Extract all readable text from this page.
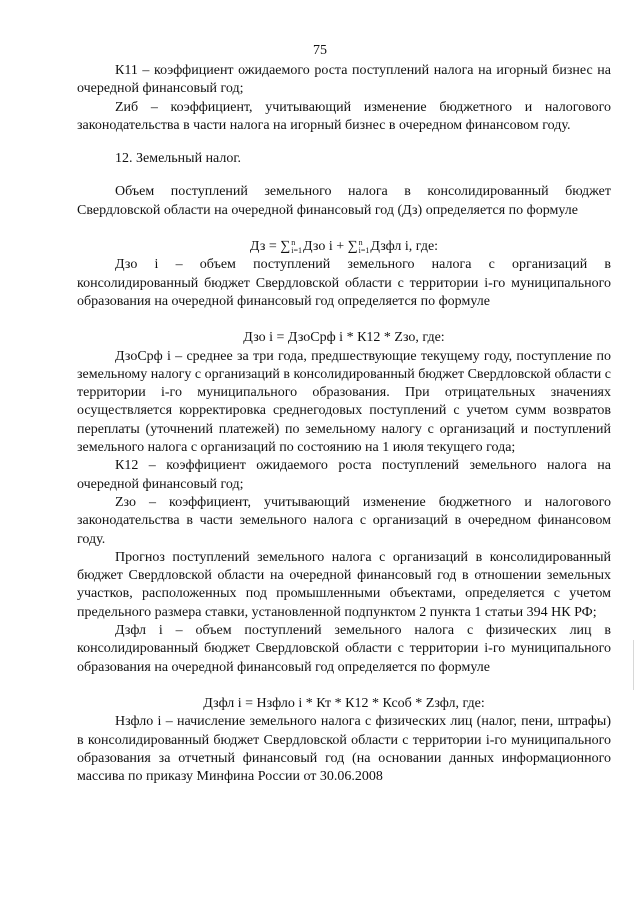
75

К11 – коэффициент ожидаемого роста поступлений налога на игорный бизнес на очередной финансовый год;

Zиб – коэффициент, учитывающий изменение бюджетного и налогового законодательства в части налога на игорный бизнес в очередном финансовом году.

12. Земельный налог.

Объем поступлений земельного налога в консолидированный бюджет Свердловской области на очередной финансовый год (Дз) определяется по формуле

Дз = ∑ n
i=1 Дзо i + ∑ n
i=1 Дзфл i, где:

Дзо i – объем поступлений земельного налога с организаций в консолидированный бюджет Свердловской области с территории i-го муниципального образования на очередной финансовый год определяется по формуле

Дзо i = ДзоСрф i * К12 * Zзо, где:

ДзоСрф i – среднее за три года, предшествующие текущему году, поступление по земельному налогу с организаций в консолидированный бюджет Свердловской области с территории i-го муниципального образования. При отрицательных значениях осуществляется корректировка среднегодовых поступлений с учетом сумм возвратов переплаты (уточнений платежей) по земельному налогу с организаций и поступлений земельного налога с организаций по состоянию на 1 июля текущего года;

К12 – коэффициент ожидаемого роста поступлений земельного налога на очередной финансовый год;

Zзо – коэффициент, учитывающий изменение бюджетного и налогового законодательства в части земельного налога с организаций в очередном финансовом году.

Прогноз поступлений земельного налога с организаций в консолидированный бюджет Свердловской области на очередной финансовый год в отношении земельных участков, расположенных под промышленными объектами, определяется с учетом предельного размера ставки, установленной подпунктом 2 пункта 1 статьи 394 НК РФ;

Дзфл i – объем поступлений земельного налога с физических лиц в консолидированный бюджет Свердловской области с территории i-го муниципального образования на очередной финансовый год определяется по формуле

Дзфл i = Нзфло i * Кт * К12 * Ксоб * Zзфл, где:

Нзфло i – начисление земельного налога с физических лиц (налог, пени, штрафы) в консолидированный бюджет Свердловской области с территории i-го муниципального образования за отчетный финансовый год (на основании данных информационного массива по приказу Минфина России от 30.06.2008
